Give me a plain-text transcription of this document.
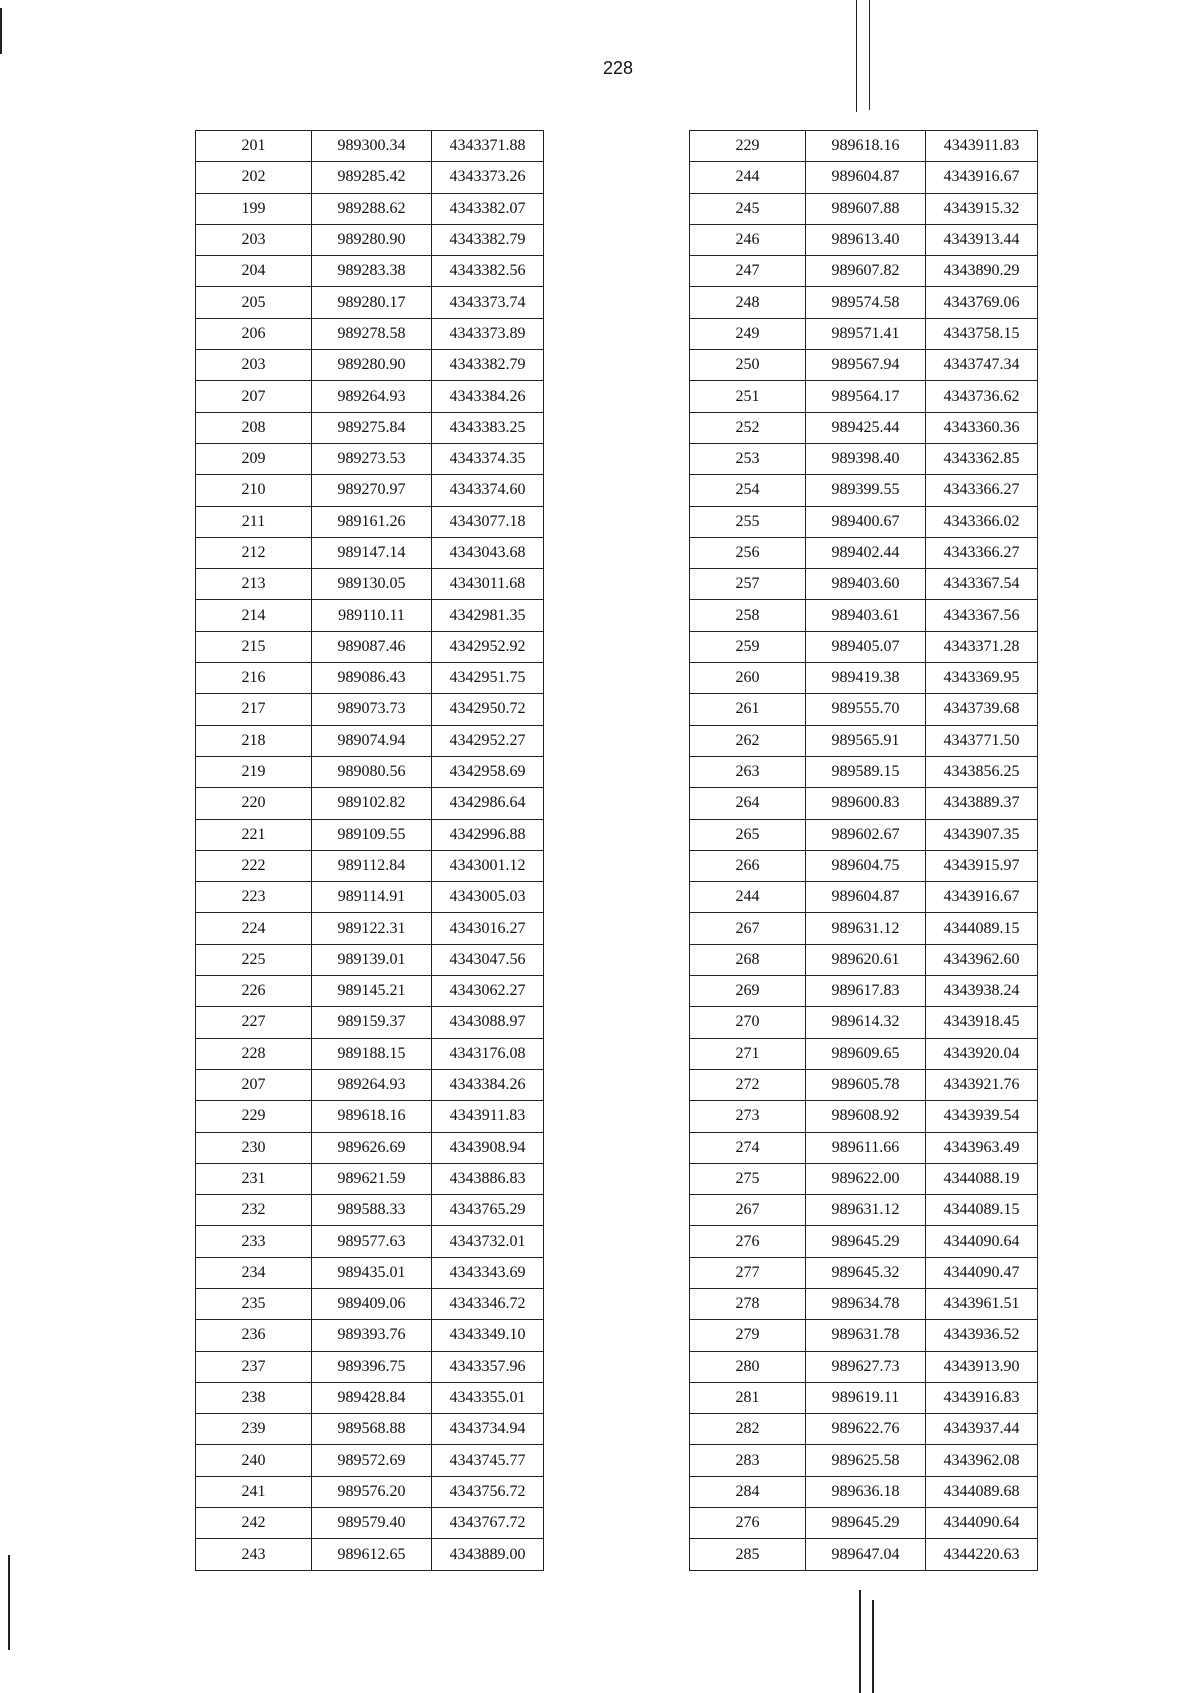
228
201	989300.34	4343371.88
202	989285.42	4343373.26
199	989288.62	4343382.07
203	989280.90	4343382.79
204	989283.38	4343382.56
205	989280.17	4343373.74
206	989278.58	4343373.89
203	989280.90	4343382.79
207	989264.93	4343384.26
208	989275.84	4343383.25
209	989273.53	4343374.35
210	989270.97	4343374.60
211	989161.26	4343077.18
212	989147.14	4343043.68
213	989130.05	4343011.68
214	989110.11	4342981.35
215	989087.46	4342952.92
216	989086.43	4342951.75
217	989073.73	4342950.72
218	989074.94	4342952.27
219	989080.56	4342958.69
220	989102.82	4342986.64
221	989109.55	4342996.88
222	989112.84	4343001.12
223	989114.91	4343005.03
224	989122.31	4343016.27
225	989139.01	4343047.56
226	989145.21	4343062.27
227	989159.37	4343088.97
228	989188.15	4343176.08
207	989264.93	4343384.26
229	989618.16	4343911.83
230	989626.69	4343908.94
231	989621.59	4343886.83
232	989588.33	4343765.29
233	989577.63	4343732.01
234	989435.01	4343343.69
235	989409.06	4343346.72
236	989393.76	4343349.10
237	989396.75	4343357.96
238	989428.84	4343355.01
239	989568.88	4343734.94
240	989572.69	4343745.77
241	989576.20	4343756.72
242	989579.40	4343767.72
243	989612.65	4343889.00
229	989618.16	4343911.83
244	989604.87	4343916.67
245	989607.88	4343915.32
246	989613.40	4343913.44
247	989607.82	4343890.29
248	989574.58	4343769.06
249	989571.41	4343758.15
250	989567.94	4343747.34
251	989564.17	4343736.62
252	989425.44	4343360.36
253	989398.40	4343362.85
254	989399.55	4343366.27
255	989400.67	4343366.02
256	989402.44	4343366.27
257	989403.60	4343367.54
258	989403.61	4343367.56
259	989405.07	4343371.28
260	989419.38	4343369.95
261	989555.70	4343739.68
262	989565.91	4343771.50
263	989589.15	4343856.25
264	989600.83	4343889.37
265	989602.67	4343907.35
266	989604.75	4343915.97
244	989604.87	4343916.67
267	989631.12	4344089.15
268	989620.61	4343962.60
269	989617.83	4343938.24
270	989614.32	4343918.45
271	989609.65	4343920.04
272	989605.78	4343921.76
273	989608.92	4343939.54
274	989611.66	4343963.49
275	989622.00	4344088.19
267	989631.12	4344089.15
276	989645.29	4344090.64
277	989645.32	4344090.47
278	989634.78	4343961.51
279	989631.78	4343936.52
280	989627.73	4343913.90
281	989619.11	4343916.83
282	989622.76	4343937.44
283	989625.58	4343962.08
284	989636.18	4344089.68
276	989645.29	4344090.64
285	989647.04	4344220.63
